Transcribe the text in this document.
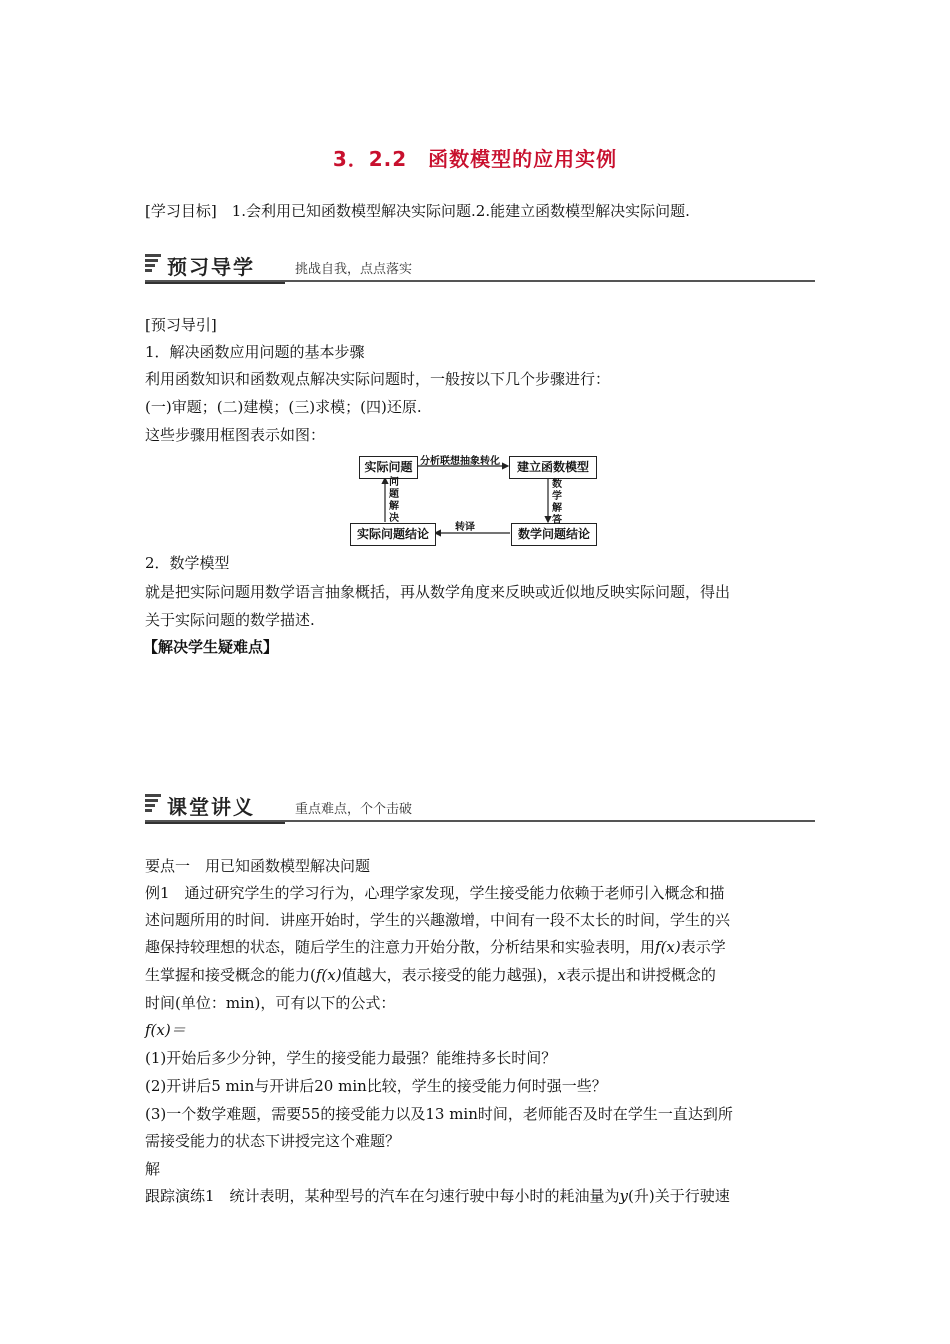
3．2.2　函数模型的应用实例
[学习目标]　1.会利用已知函数模型解决实际问题.2.能建立函数模型解决实际问题.
预习导学	挑战自我，点点落实
[预习导引]
1．解决函数应用问题的基本步骤
利用函数知识和函数观点解决实际问题时，一般按以下几个步骤进行：
(一)审题；(二)建模；(三)求模；(四)还原.
这些步骤用框图表示如图：
实际问题	建立函数模型
实际问题结论	数学问题结论
分析联想抽象转化
数学解答
转译
问题解决
2．数学模型
就是把实际问题用数学语言抽象概括，再从数学角度来反映或近似地反映实际问题，得出
关于实际问题的数学描述.
【解决学生疑难点】
课堂讲义	重点难点，个个击破
要点一　用已知函数模型解决问题
例1　通过研究学生的学习行为，心理学家发现，学生接受能力依赖于老师引入概念和描
述问题所用的时间．讲座开始时，学生的兴趣激增，中间有一段不太长的时间，学生的兴
趣保持较理想的状态，随后学生的注意力开始分散，分析结果和实验表明，用f(x)表示学
生掌握和接受概念的能力(f(x)值越大，表示接受的能力越强)，x表示提出和讲授概念的
时间(单位：min)，可有以下的公式：
f(x)＝
(1)开始后多少分钟，学生的接受能力最强？能维持多长时间？
(2)开讲后5 min与开讲后20 min比较，学生的接受能力何时强一些？
(3)一个数学难题，需要55的接受能力以及13 min时间，老师能否及时在学生一直达到所
需接受能力的状态下讲授完这个难题？
解
跟踪演练1　统计表明，某种型号的汽车在匀速行驶中每小时的耗油量为y(升)关于行驶速
